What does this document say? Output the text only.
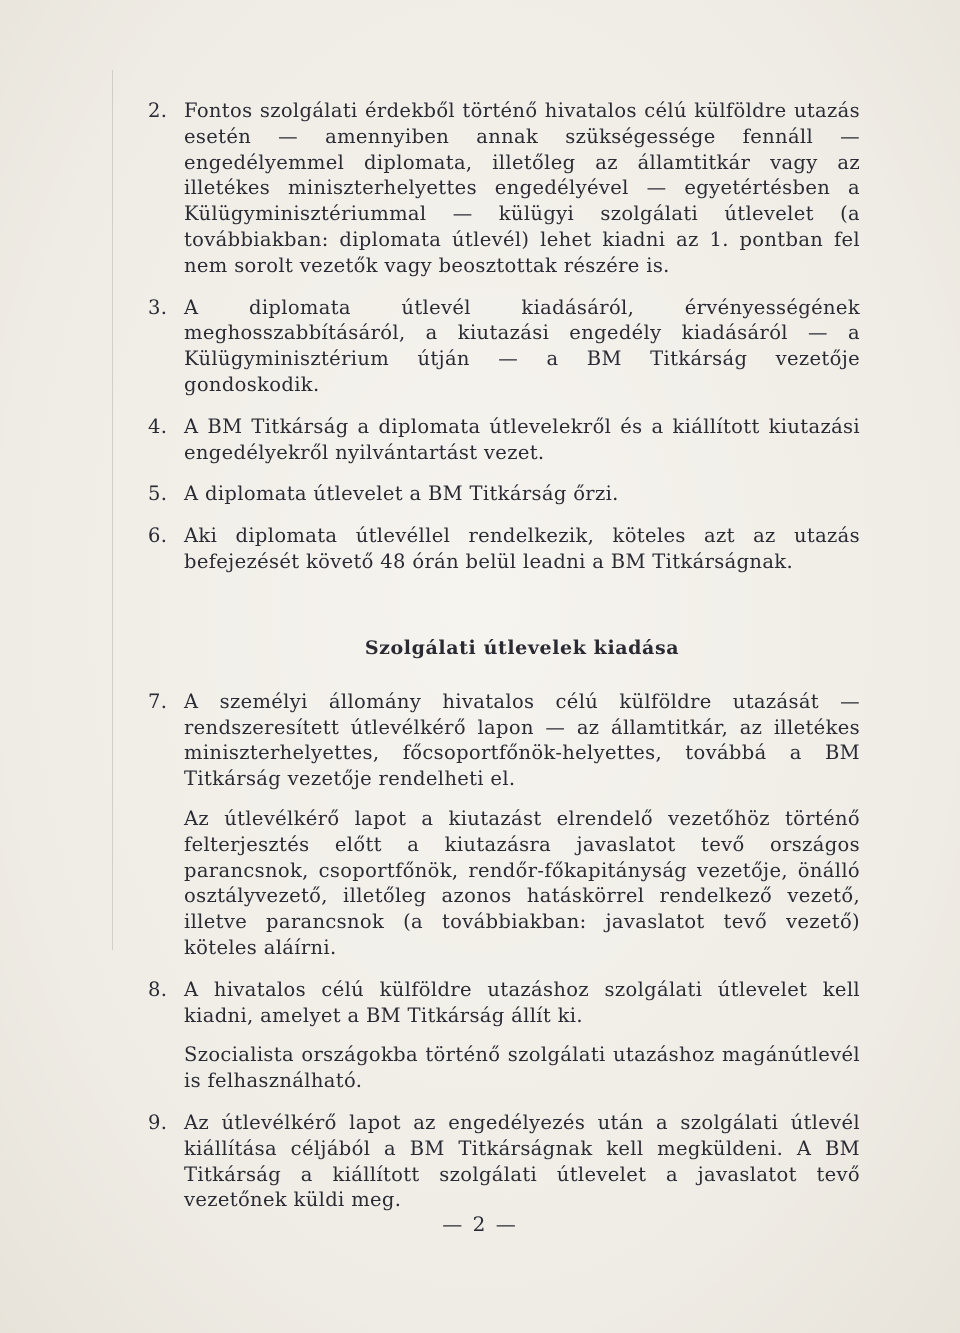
2. Fontos szolgálati érdekből történő hivatalos célú külföldre utazás esetén — amennyiben annak szükségessége fennáll — engedélyemmel diplomata, illetőleg az államtitkár vagy az illetékes miniszterhelyettes engedélyével — egyetértésben a Külügyminisztériummal — külügyi szolgálati útlevelet (a továbbiakban: diplomata útlevél) lehet kiadni az 1. pontban fel nem sorolt vezetők vagy beosztottak részére is.

3. A diplomata útlevél kiadásáról, érvényességének meghosszabbításáról, a kiutazási engedély kiadásáról — a Külügyminisztérium útján — a BM Titkárság vezetője gondoskodik.

4. A BM Titkárság a diplomata útlevelekről és a kiállított kiutazási engedélyekről nyilvántartást vezet.

5. A diplomata útlevelet a BM Titkárság őrzi.

6. Aki diplomata útlevéllel rendelkezik, köteles azt az utazás befejezését követő 48 órán belül leadni a BM Titkárságnak.

Szolgálati útlevelek kiadása
7. A személyi állomány hivatalos célú külföldre utazását — rendszeresített útlevélkérő lapon — az államtitkár, az illetékes miniszterhelyettes, főcsoportfőnök-helyettes, továbbá a BM Titkárság vezetője rendelheti el.

Az útlevélkérő lapot a kiutazást elrendelő vezetőhöz történő felterjesztés előtt a kiutazásra javaslatot tevő országos parancsnok, csoportfőnök, rendőr-főkapitányság vezetője, önálló osztályvezető, illetőleg azonos hatáskörrel rendelkező vezető, illetve parancsnok (a továbbiakban: javaslatot tevő vezető) köteles aláírni.

8. A hivatalos célú külföldre utazáshoz szolgálati útlevelet kell kiadni, amelyet a BM Titkárság állít ki.

Szocialista országokba történő szolgálati utazáshoz magánútlevél is felhasználható.

9. Az útlevélkérő lapot az engedélyezés után a szolgálati útlevél kiállítása céljából a BM Titkárságnak kell megküldeni. A BM Titkárság a kiállított szolgálati útlevelet a javaslatot tevő vezetőnek küldi meg.

— 2 —
